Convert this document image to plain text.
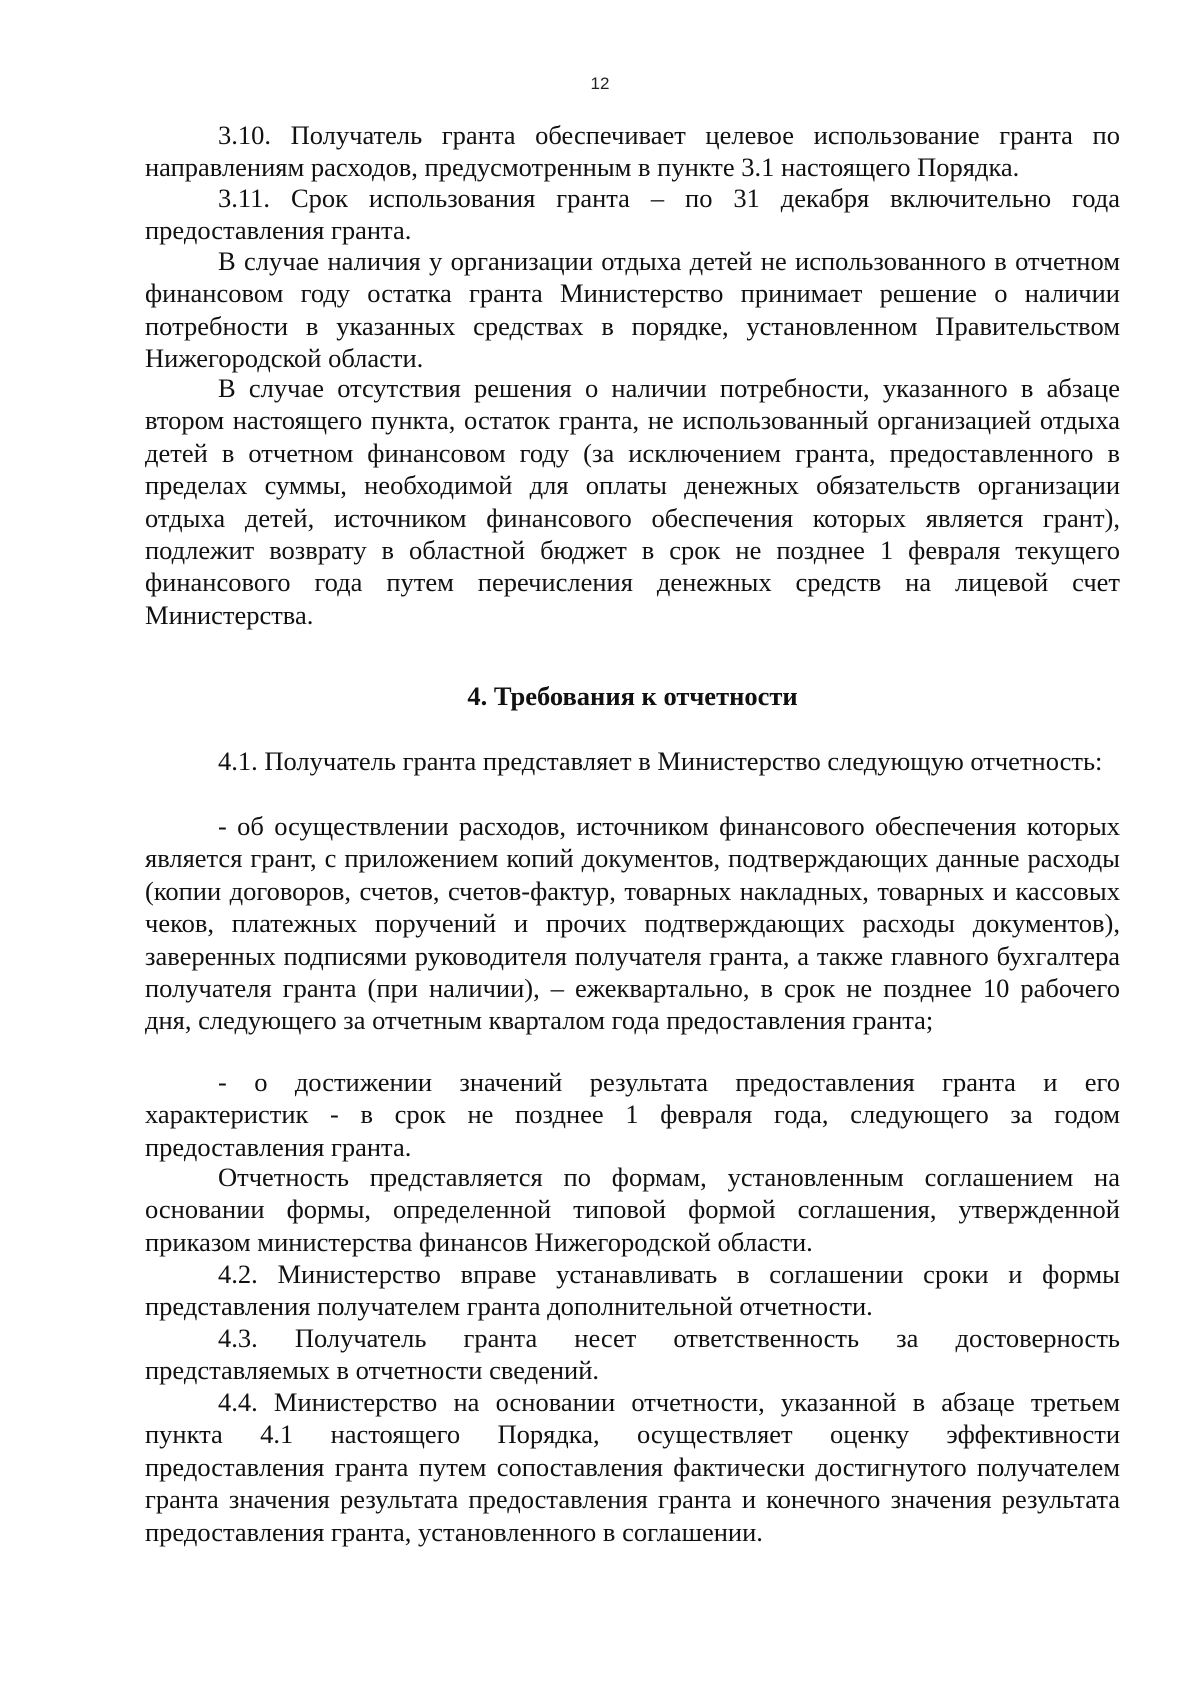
12

3.10. Получатель гранта обеспечивает целевое использование гранта по направлениям расходов, предусмотренным в пункте 3.1 настоящего Порядка.

3.11. Срок использования гранта – по 31 декабря включительно года предоставления гранта.

В случае наличия у организации отдыха детей не использованного в отчетном финансовом году остатка гранта Министерство принимает решение о наличии потребности в указанных средствах в порядке, установленном Правительством Нижегородской области.

В случае отсутствия решения о наличии потребности, указанного в абзаце втором настоящего пункта, остаток гранта, не использованный организацией отдыха детей в отчетном финансовом году (за исключением гранта, предоставленного в пределах суммы, необходимой для оплаты денежных обязательств организации отдыха детей, источником финансового обеспечения которых является грант), подлежит возврату в областной бюджет в срок не позднее 1 февраля текущего финансового года путем перечисления денежных средств на лицевой счет Министерства.

4. Требования к отчетности

4.1. Получатель гранта представляет в Министерство следующую отчетность:

- об осуществлении расходов, источником финансового обеспечения которых является грант, с приложением копий документов, подтверждающих данные расходы (копии договоров, счетов, счетов-фактур, товарных накладных, товарных и кассовых чеков, платежных поручений и прочих подтверждающих расходы документов), заверенных подписями руководителя получателя гранта, а также главного бухгалтера получателя гранта (при наличии), – ежеквартально, в срок не позднее 10 рабочего дня, следующего за отчетным кварталом года предоставления гранта;

- о достижении значений результата предоставления гранта и его характеристик - в срок не позднее 1 февраля года, следующего за годом предоставления гранта.

Отчетность представляется по формам, установленным соглашением на основании формы, определенной типовой формой соглашения, утвержденной приказом министерства финансов Нижегородской области.

4.2. Министерство вправе устанавливать в соглашении сроки и формы представления получателем гранта дополнительной отчетности.

4.3. Получатель гранта несет ответственность за достоверность представляемых в отчетности сведений.

4.4. Министерство на основании отчетности, указанной в абзаце третьем пункта 4.1 настоящего Порядка, осуществляет оценку эффективности предоставления гранта путем сопоставления фактически достигнутого получателем гранта значения результата предоставления гранта и конечного значения результата предоставления гранта, установленного в соглашении.
